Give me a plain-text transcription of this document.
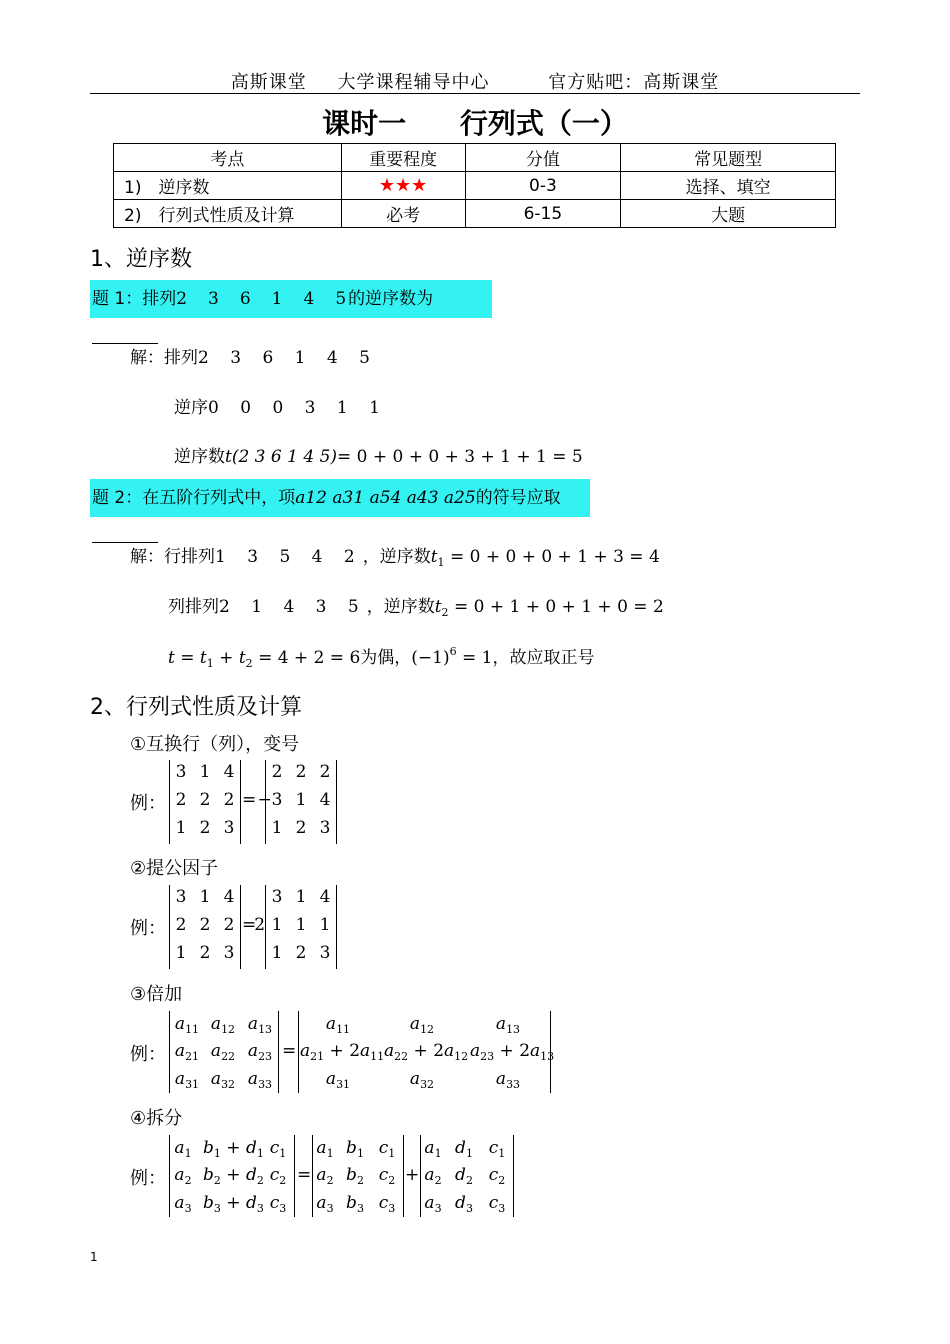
高斯课堂 大学课程辅导中心	官方贴吧：高斯课堂
课时一 行列式（一）
考点	重要程度	分值	常见题型
1)　逆序数	★★★	0-3	选择、填空
2)　行列式性质及计算	必考	6-15	大题
1、逆序数
题 1：排列2　3　6　1　4　5的逆序数为
解：排列2 3 6 1 4 5
逆序0 0 0 3 1 1
逆序数t(2 3 6 1 4 5)= 0 + 0 + 0 + 3 + 1 + 1 = 5
题 2：在五阶行列式中，项a12 a31 a54 a43 a25的符号应取
解：行排列1 3 5 4 2，逆序数$t_1 = 0 + 0 + 0 + 1 + 3 = 4$
列排列2 1 4 3 5，逆序数$t_2 = 0 + 1 + 0 + 1 + 0 = 2$
$t = t_1 + t_2 = 4 + 2 = 6$为偶，$(-1)^6 = 1$，故应取正号
2、行列式性质及计算
①互换行（列），变号
例：
3 1 4
2 2 2
1 2 3
= −
2 2 2
3 1 4
1 2 3
②提公因子
例：
3 1 4
2 2 2
1 2 3
=2
3 1 4
1 1 1
1 2 3
③倍加
例：
$a_{11}$ $a_{12}$ $a_{13}$
$a_{21}$ $a_{22}$ $a_{23}$
$a_{31}$ $a_{32}$ $a_{33}$
=
$a_{11}$	$a_{12}$	$a_{13}$
$a_{21} + 2a_{11}$ $a_{22} + 2a_{12}$ $a_{23} + 2a_{13}$
$a_{31}$	$a_{32}$	$a_{33}$
④拆分
例：
$a_1$ $b_1 + d_1$ $c_1$
$a_2$ $b_2 + d_2$ $c_2$
$a_3$ $b_3 + d_3$ $c_3$
=
$a_1$ $b_1$ $c_1$
$a_2$ $b_2$ $c_2$
$a_3$ $b_3$ $c_3$
+
$a_1$ $d_1$ $c_1$
$a_2$ $d_2$ $c_2$
$a_3$ $d_3$ $c_3$
1
